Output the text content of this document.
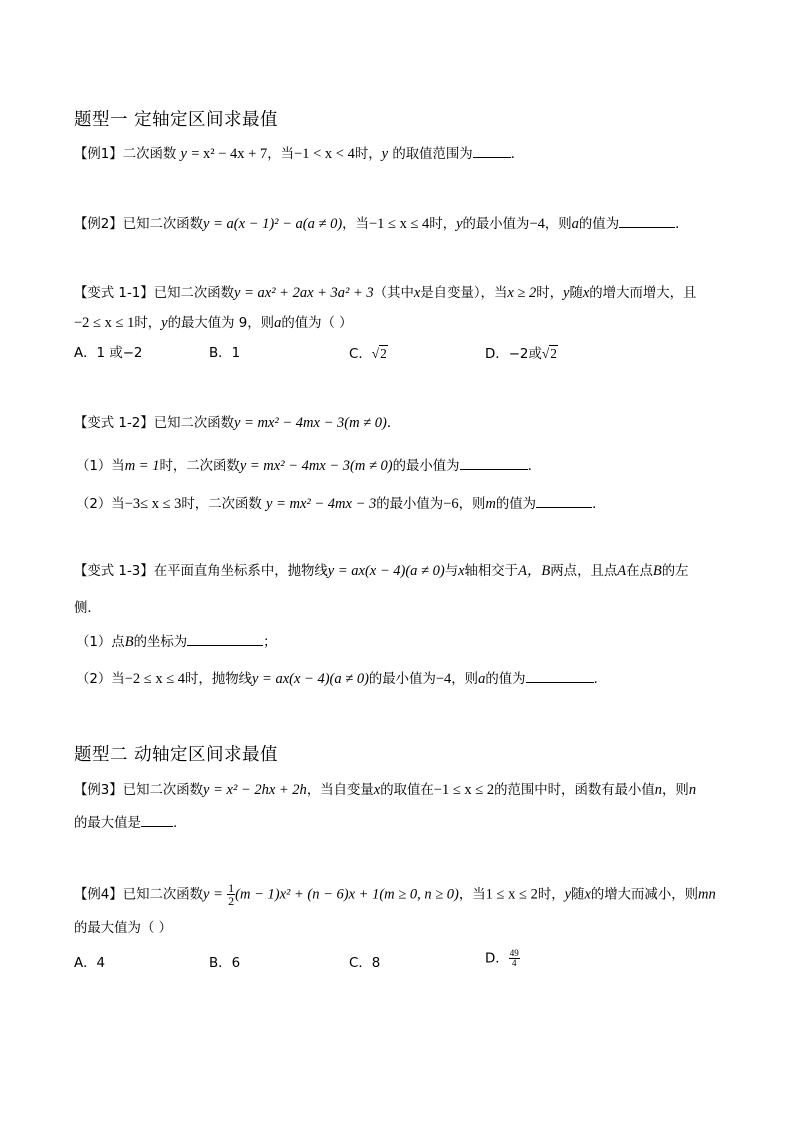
题型一 定轴定区间求最值

【例1】二次函数 y = x² − 4x + 7，当−1 < x < 4时，y 的取值范围为	．

【例2】已知二次函数y = a(x − 1)² − a(a ≠ 0)，当−1 ≤ x ≤ 4时，y的最小值为−4，则a的值为	．

【变式 1-1】已知二次函数y = ax² + 2ax + 3a² + 3（其中x是自变量），当x ≥ 2时，y随x的增大而增大，且

−2 ≤ x ≤ 1时，y的最大值为 9，则a的值为（ ）

A．1 或−2	B．1	C．√2	D．−2或√2

【变式 1-2】已知二次函数y = mx² − 4mx − 3(m ≠ 0)．

（1）当m = 1时，二次函数y = mx² − 4mx − 3(m ≠ 0)的最小值为	．

（2）当−3≤ x ≤ 3时，二次函数 y = mx² − 4mx − 3的最小值为−6，则m的值为	．

【变式 1-3】在平面直角坐标系中，抛物线y = ax(x − 4)(a ≠ 0)与x轴相交于A，B两点，且点A在点B的左

侧．

（1）点B的坐标为	；

（2）当−2 ≤ x ≤ 4时，抛物线y = ax(x − 4)(a ≠ 0)的最小值为−4，则a的值为	.

题型二 动轴定区间求最值

【例3】已知二次函数y = x² − 2hx + 2h，当自变量x的取值在−1 ≤ x ≤ 2的范围中时，函数有最小值n，则n

的最大值是 .

【例4】已知二次函数$y = \frac{1}{2} (m - 1)x^2 + (n - 6)x + 1(m \ge 0$, n ≥ 0)，当1 ≤ x ≤ 2时，y随x的增大而减小，则mn

的最大值为（ ）

A．4	B．6	C．8	D． $\frac{49}{4}$
